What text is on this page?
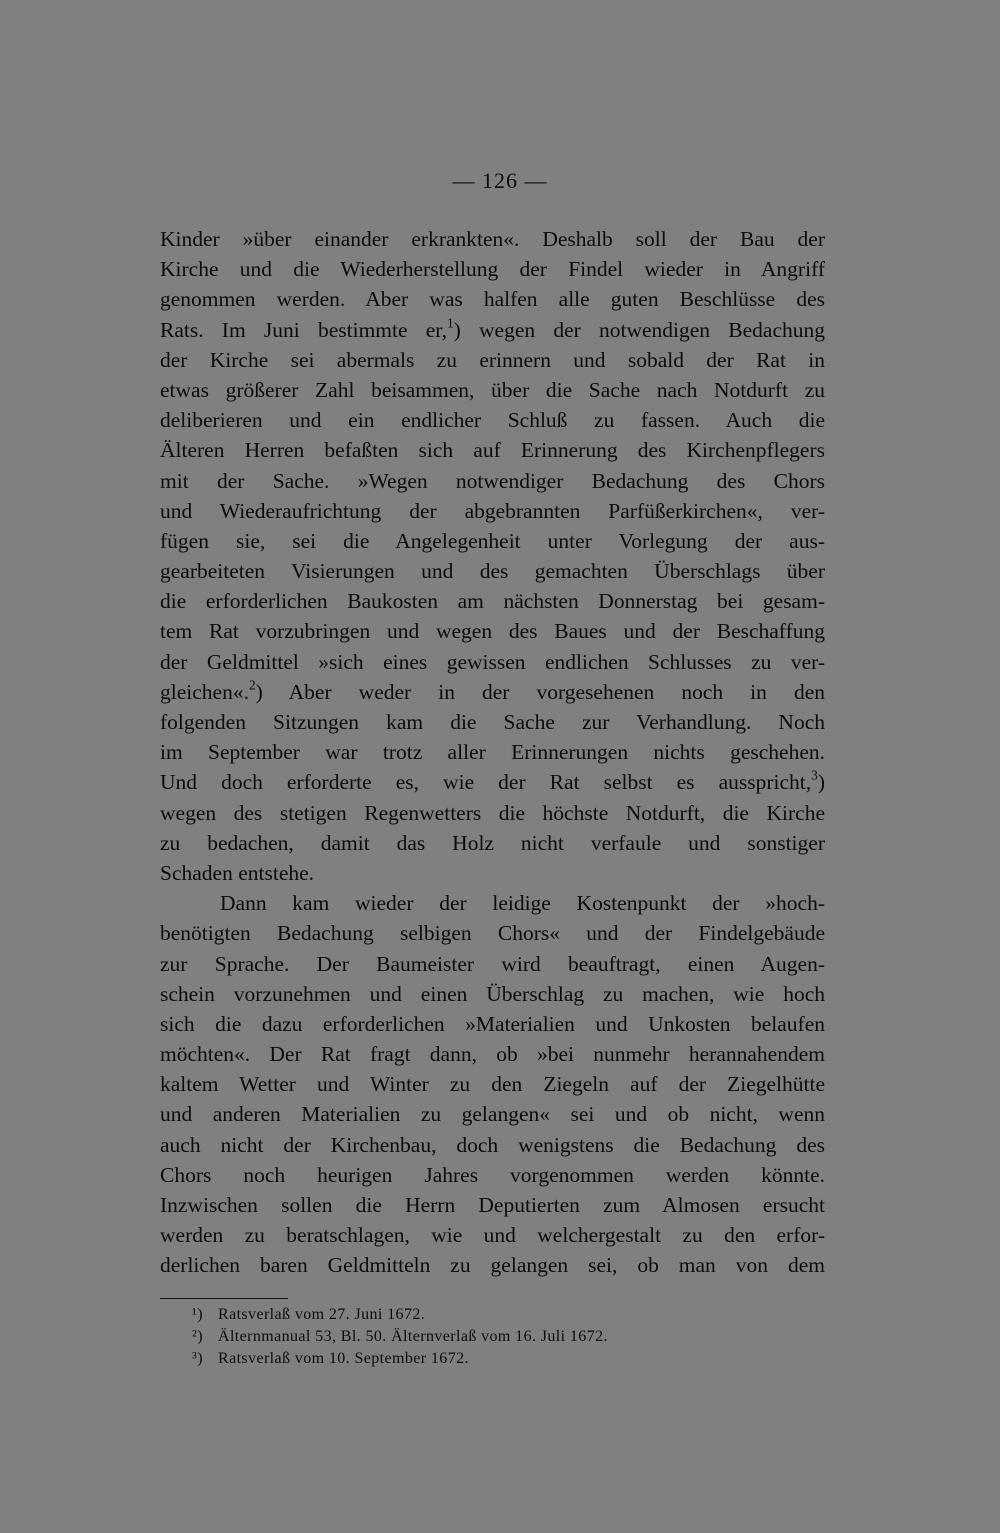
— 126 —
Kinder »über einander erkrankten«. Deshalb soll der Bau der
Kirche und die Wiederherstellung der Findel wieder in Angriff
genommen werden. Aber was halfen alle guten Beschlüsse des
Rats. Im Juni bestimmte er,$^1$) wegen der notwendigen Bedachung
der Kirche sei abermals zu erinnern und sobald der Rat in
etwas größerer Zahl beisammen, über die Sache nach Notdurft zu
deliberieren und ein endlicher Schluß zu fassen. Auch die
Älteren Herren befaßten sich auf Erinnerung des Kirchenpflegers
mit der Sache. »Wegen notwendiger Bedachung des Chors
und Wiederaufrichtung der abgebrannten Parfüßerkirchen«, ver-
fügen sie, sei die Angelegenheit unter Vorlegung der aus-
gearbeiteten Visierungen und des gemachten Überschlags über
die erforderlichen Baukosten am nächsten Donnerstag bei gesam-
tem Rat vorzubringen und wegen des Baues und der Beschaffung
der Geldmittel »sich eines gewissen endlichen Schlusses zu ver-
gleichen«.$^2$) Aber weder in der vorgesehenen noch in den
folgenden Sitzungen kam die Sache zur Verhandlung. Noch
im September war trotz aller Erinnerungen nichts geschehen.
Und doch erforderte es, wie der Rat selbst es ausspricht,$^3$)
wegen des stetigen Regenwetters die höchste Notdurft, die Kirche
zu bedachen, damit das Holz nicht verfaule und sonstiger
Schaden entstehe.
Dann kam wieder der leidige Kostenpunkt der »hoch-
benötigten Bedachung selbigen Chors« und der Findelgebäude
zur Sprache. Der Baumeister wird beauftragt, einen Augen-
schein vorzunehmen und einen Überschlag zu machen, wie hoch
sich die dazu erforderlichen »Materialien und Unkosten belaufen
möchten«. Der Rat fragt dann, ob »bei nunmehr herannahendem
kaltem Wetter und Winter zu den Ziegeln auf der Ziegelhütte
und anderen Materialien zu gelangen« sei und ob nicht, wenn
auch nicht der Kirchenbau, doch wenigstens die Bedachung des
Chors noch heurigen Jahres vorgenommen werden könnte.
Inzwischen sollen die Herrn Deputierten zum Almosen ersucht
werden zu beratschlagen, wie und welchergestalt zu den erfor-
derlichen baren Geldmitteln zu gelangen sei, ob man von dem
¹) Ratsverlaß vom 27. Juni 1672.
²) Älternmanual 53, Bl. 50. Älternverlaß vom 16. Juli 1672.
³) Ratsverlaß vom 10. September 1672.
